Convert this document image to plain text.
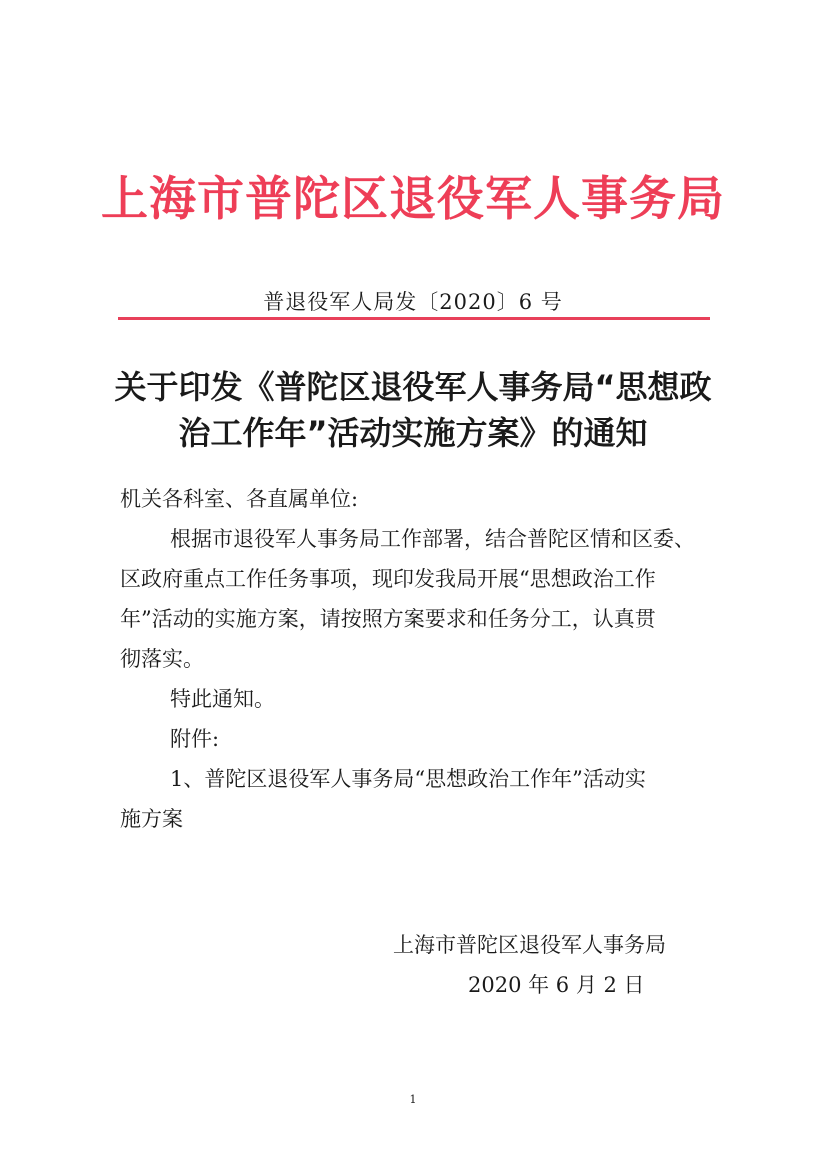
上海市普陀区退役军人事务局
普退役军人局发〔2020〕6 号
关于印发《普陀区退役军人事务局“思想政
治工作年”活动实施方案》的通知
机关各科室、各直属单位:
根据市退役军人事务局工作部署，结合普陀区情和区委、
区政府重点工作任务事项，现印发我局开展“思想政治工作
年”活动的实施方案，请按照方案要求和任务分工，认真贯
彻落实。
特此通知。
附件:
1、普陀区退役军人事务局“思想政治工作年”活动实
施方案
上海市普陀区退役军人事务局
2020 年 6 月 2 日
1
